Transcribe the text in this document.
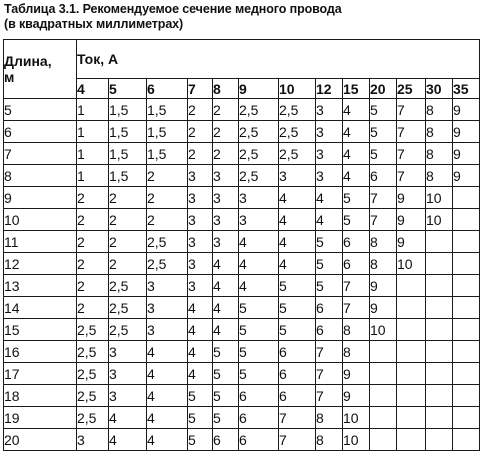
Таблица 3.1. Рекомендуемое сечение медного провода
(в квадратных миллиметрах)
Длина,
м	Ток, А												
	4	5	6	7	8	9	10	12	15	20	25	30	35
5	1	1,5	1,5	2	2	2,5	2,5	3	4	5	7	8	9
6	1	1,5	1,5	2	2	2,5	2,5	3	4	5	7	8	9
7	1	1,5	1,5	2	2	2,5	2,5	3	4	5	7	8	9
8	1	1,5	2	3	3	2,5	3	3	4	6	7	8	9
9	2	2	2	3	3	3	4	4	5	7	9	10	
10	2	2	2	3	3	3	4	4	5	7	9	10	
11	2	2	2,5	3	3	4	4	5	6	8	9		
12	2	2	2,5	3	4	4	4	5	6	8	10		
13	2	2,5	3	3	4	4	5	5	7	9			
14	2	2,5	3	4	4	5	5	6	7	9			
15	2,5	2,5	3	4	4	5	5	6	8	10			
16	2,5	3	4	4	5	5	6	7	8				
17	2,5	3	4	4	5	5	6	7	9				
18	2,5	3	4	5	5	6	6	7	9				
19	2,5	4	4	5	5	6	7	8	10				
20	3	4	4	5	6	6	7	8	10				
